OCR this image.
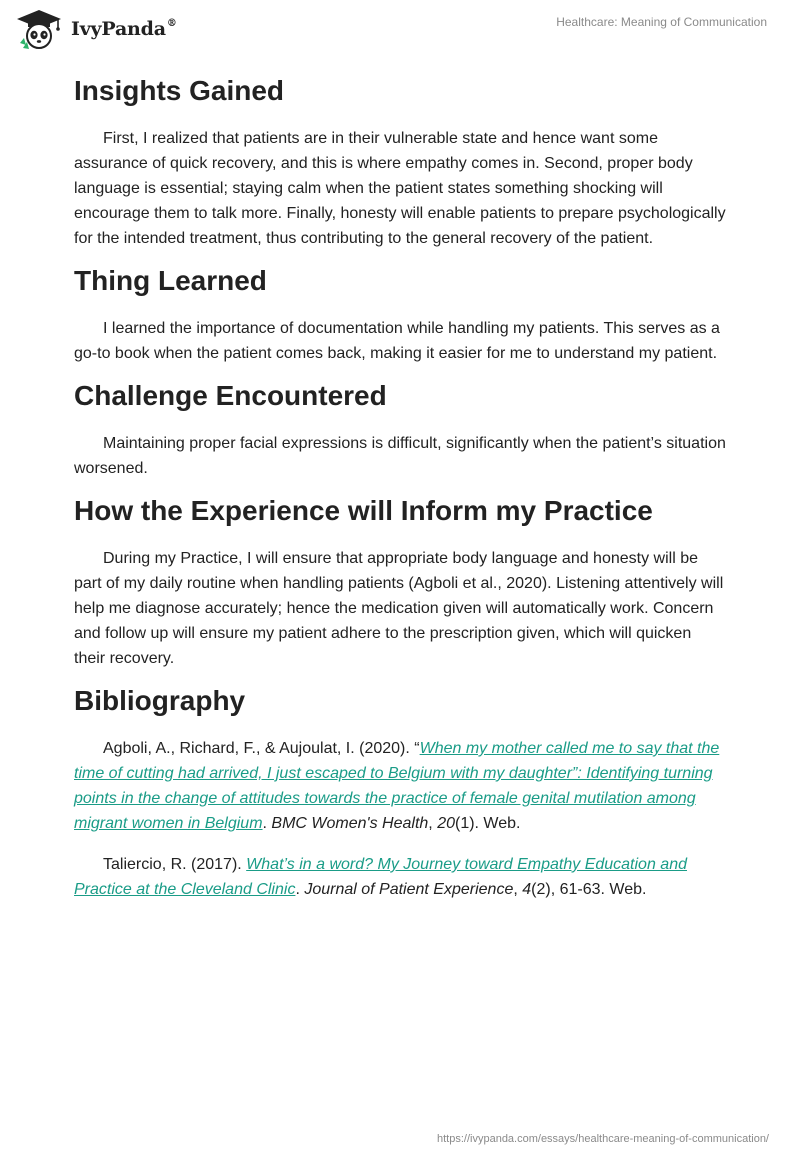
IvyPanda®	Healthcare: Meaning of Communication
Insights Gained

First, I realized that patients are in their vulnerable state and hence want some assurance of quick recovery, and this is where empathy comes in. Second, proper body language is essential; staying calm when the patient states something shocking will encourage them to talk more. Finally, honesty will enable patients to prepare psychologically for the intended treatment, thus contributing to the general recovery of the patient.

Thing Learned

I learned the importance of documentation while handling my patients. This serves as a go-to book when the patient comes back, making it easier for me to understand my patient.

Challenge Encountered

Maintaining proper facial expressions is difficult, significantly when the patient’s situation worsened.

How the Experience will Inform my Practice

During my Practice, I will ensure that appropriate body language and honesty will be part of my daily routine when handling patients (Agboli et al., 2020). Listening attentively will help me diagnose accurately; hence the medication given will automatically work. Concern and follow up will ensure my patient adhere to the prescription given, which will quicken their recovery.

Bibliography

Agboli, A., Richard, F., & Aujoulat, I. (2020). “When my mother called me to say that the time of cutting had arrived, I just escaped to Belgium with my daughter”: Identifying turning points in the change of attitudes towards the practice of female genital mutilation among migrant women in Belgium. BMC Women's Health, 20(1). Web.

Taliercio, R. (2017). What’s in a word? My Journey toward Empathy Education and Practice at the Cleveland Clinic. Journal of Patient Experience, 4(2), 61-63. Web.

https://ivypanda.com/essays/healthcare-meaning-of-communication/
